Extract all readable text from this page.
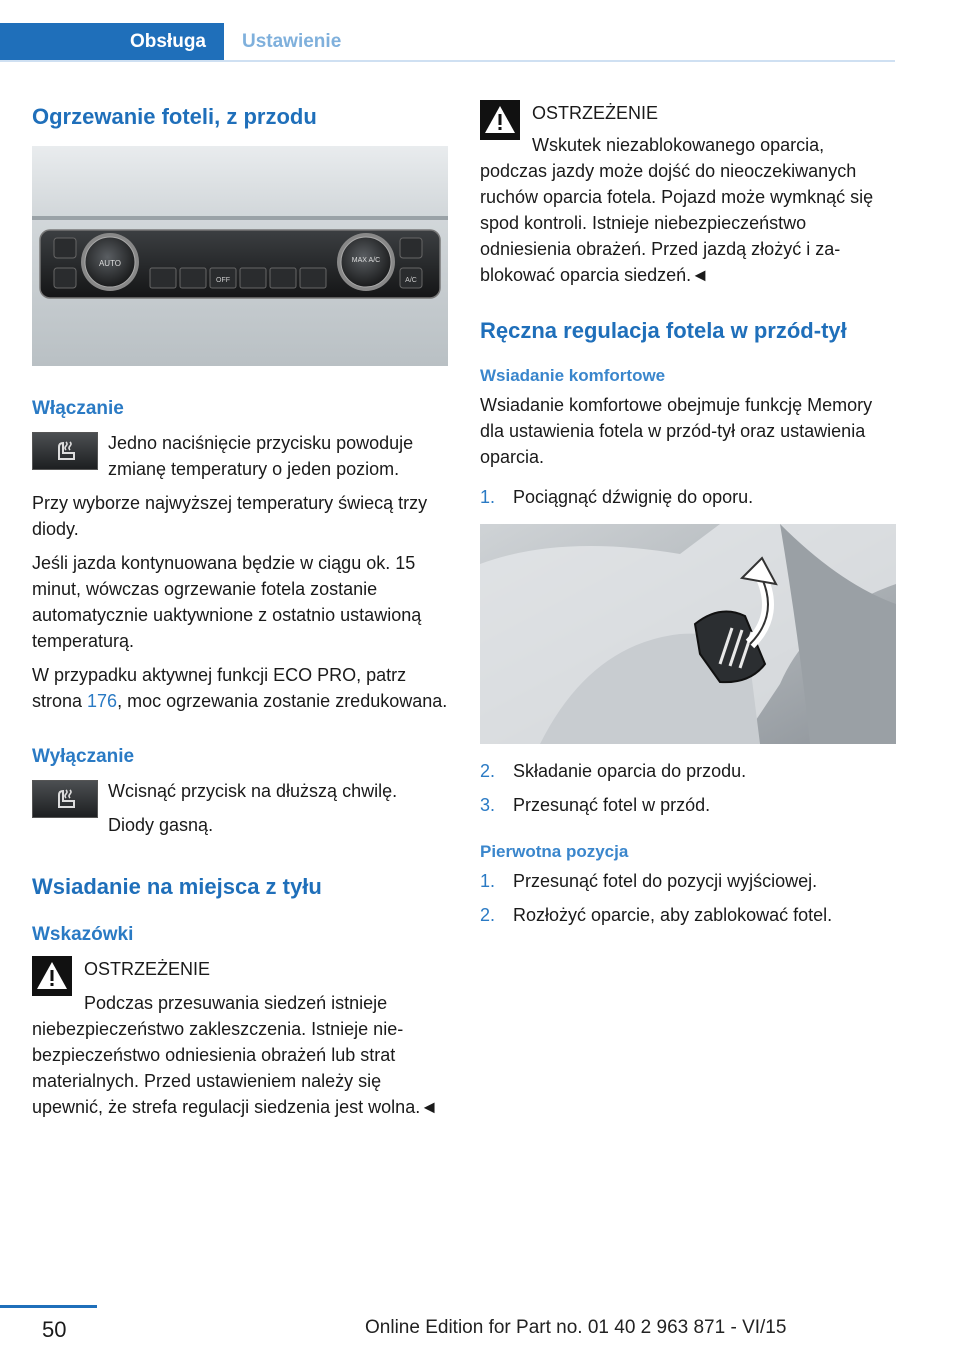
Obsługa Ustawienie
Ogrzewanie foteli, z przodu
AUTO	MAX A/C
OFF	A/C
Włączanie

Jedno naciśnięcie przycisku powoduje zmianę temperatury o jeden poziom.

Przy wyborze najwyższej temperatury świecą trzy diody.

Jeśli jazda kontynuowana będzie w ciągu ok. 15 minut, wówczas ogrzewanie fotela zostanie automatycznie uaktywnione z ostatnio ustawioną temperaturą.

W przypadku aktywnej funkcji ECO PRO, patrz strona 176, moc ogrzewania zostanie zredukowana.

Wyłączanie

Wcisnąć przycisk na dłuższą chwilę.

Diody gasną.

Wsiadanie na miejsca z tyłu
Wskazówki

OSTRZEŻENIE

Podczas przesuwania siedzeń istnieje

niebezpieczeństwo zakleszczenia. Istnieje niebezpieczeństwo odniesienia obrażeń lub strat materialnych. Przed ustawieniem należy się upewnić, że strefa regulacji siedzenia jest wolna.◄

OSTRZEŻENIE

Wskutek niezablokowanego oparcia,

podczas jazdy może dojść do nieoczekiwanych ruchów oparcia fotela. Pojazd może wymknąć się spod kontroli. Istnieje niebezpieczeństwo odniesienia obrażeń. Przed jazdą złożyć i zablokować oparcia siedzeń.◄

Ręczna regulacja fotela w przód-tył
Wsiadanie komfortowe

Wsiadanie komfortowe obejmuje funkcję Memory dla ustawienia fotela w przód-tył oraz ustawienia oparcia.

1. Pociągnąć dźwignię do oporu.
2. Składanie oparcia do przodu.
3. Przesunąć fotel w przód.
Pierwotna pozycja
1. Przesunąć fotel do pozycji wyjściowej.
2. Rozłożyć oparcie, aby zablokować fotel.
50	Online Edition for Part no. 01 40 2 963 871 - VI/15
